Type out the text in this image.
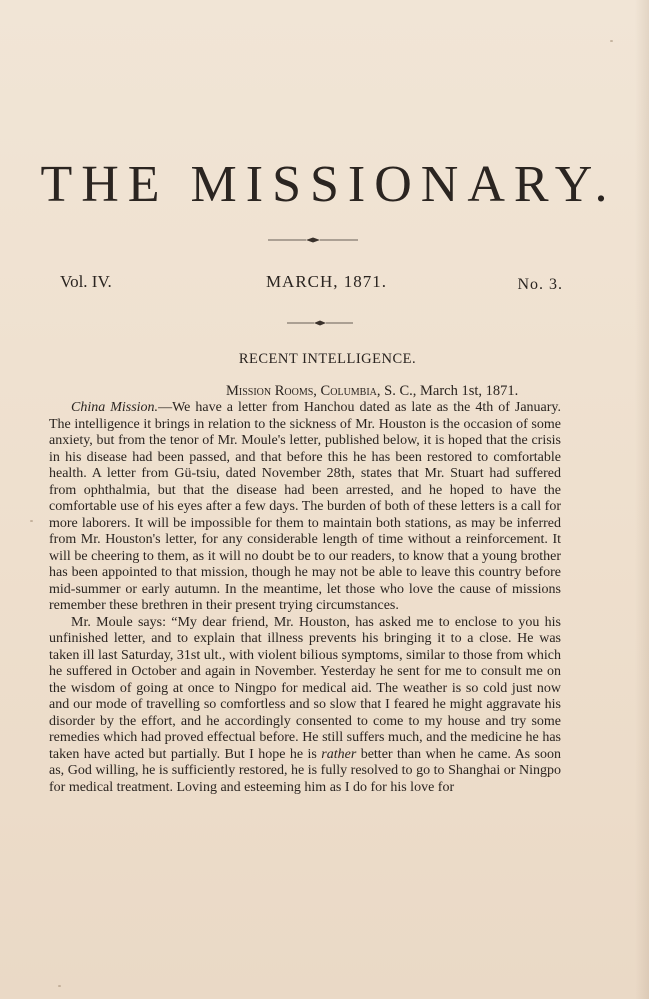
THE MISSIONARY.
Vol. IV.	MARCH, 1871.	No. 3.
RECENT INTELLIGENCE.
Mission Rooms, Columbia, S. C., March 1st, 1871.

China Mission.—We have a letter from Hanchou dated as late as the 4th of January. The intelligence it brings in relation to the sickness of Mr. Houston is the occasion of some anxiety, but from the tenor of Mr. Moule's letter, published below, it is hoped that the crisis in his disease had been passed, and that before this he has been restored to comfortable health. A letter from Gü-tsiu, dated November 28th, states that Mr. Stuart had suffered from ophthalmia, but that the disease had been arrested, and he hoped to have the comfortable use of his eyes after a few days. The burden of both of these letters is a call for more laborers. It will be impossible for them to maintain both stations, as may be inferred from Mr. Houston's letter, for any considerable length of time without a reinforcement. It will be cheering to them, as it will no doubt be to our readers, to know that a young brother has been appointed to that mission, though he may not be able to leave this country before mid-summer or early autumn. In the meantime, let those who love the cause of missions remember these brethren in their present trying circumstances.

Mr. Moule says: “My dear friend, Mr. Houston, has asked me to enclose to you his unfinished letter, and to explain that illness prevents his bringing it to a close. He was taken ill last Saturday, 31st ult., with violent bilious symptoms, similar to those from which he suffered in October and again in November. Yesterday he sent for me to consult me on the wisdom of going at once to Ningpo for medical aid. The weather is so cold just now and our mode of travelling so comfortless and so slow that I feared he might aggravate his disorder by the effort, and he accordingly consented to come to my house and try some remedies which had proved effectual before. He still suffers much, and the medicine he has taken have acted but partially. But I hope he is rather better than when he came. As soon as, God willing, he is sufficiently restored, he is fully resolved to go to Shanghai or Ningpo for medical treatment. Loving and esteeming him as I do for his love for
